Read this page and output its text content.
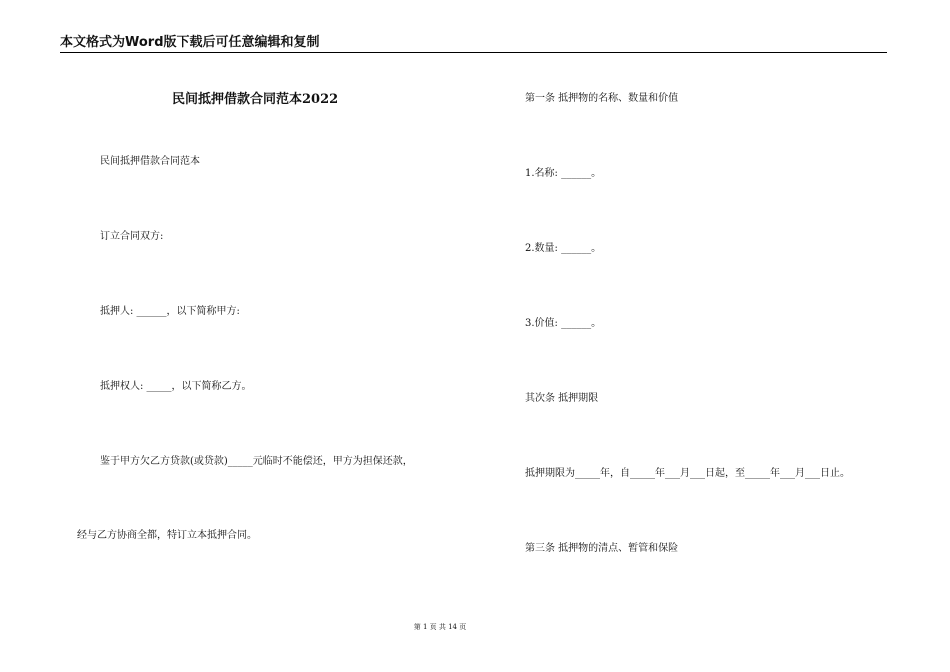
本文格式为Word版下载后可任意编辑和复制
民间抵押借款合同范本2022
民间抵押借款合同范本
订立合同双方:
抵押人: ______，以下简称甲方:
抵押权人: _____，以下简称乙方。
鉴于甲方欠乙方贷款(或贷款)_____元临时不能偿还，甲方为担保还款，
经与乙方协商全都，特订立本抵押合同。
第一条 抵押物的名称、数量和价值
1.名称: ______。
2.数量: ______。
3.价值: ______。
其次条 抵押期限
抵押期限为_____年，自_____年___月___日起，至_____年___月___日止。
第三条 抵押物的清点、暂管和保险
第 1 页 共 14 页
